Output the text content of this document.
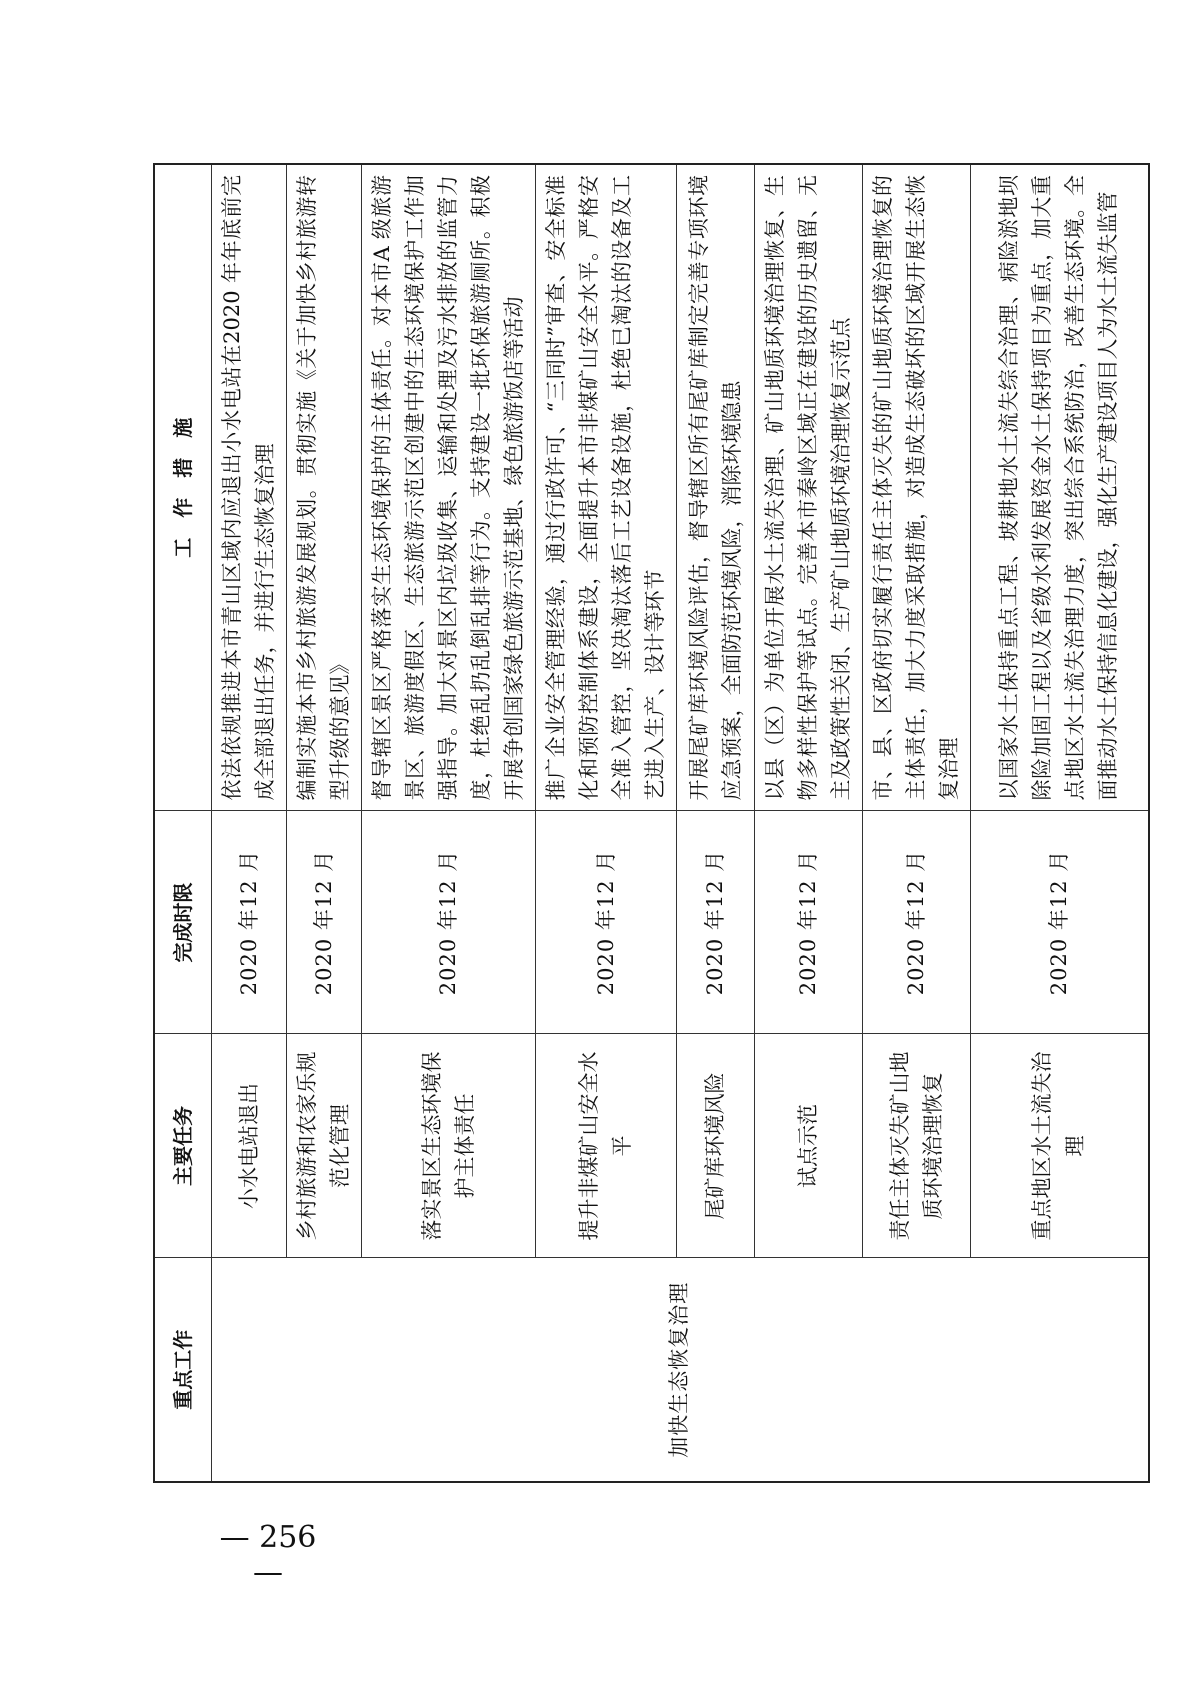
重点工作	主要任务	完成时限	工　作　措　施
加快生态恢复治理	小水电站退出	2020 年12 月	依法依规推进本市青山区域内应退出小水电站在2020 年年底前完成全部退出任务，并进行生态恢复治理
	乡村旅游和农家乐规范化管理	2020 年12 月	编制实施本市乡村旅游发展规划。贯彻实施《关于加快乡村旅游转型升级的意见》
	落实景区生态环境保护主体责任	2020 年12 月	督导辖区景区严格落实生态环境保护的主体责任。对本市A 级旅游景区、旅游度假区、生态旅游示范区创建中的生态环境保护工作加强指导。加大对景区内垃圾收集、运输和处理及污水排放的监管力度，杜绝乱扔乱倒乱排等行为。支持建设一批环保旅游厕所。积极开展争创国家绿色旅游示范基地、绿色旅游饭店等活动
	提升非煤矿山安全水平	2020 年12 月	推广企业安全管理经验，通过行政许可、“三同时”审查、安全标准化和预防控制体系建设，全面提升本市非煤矿山安全水平。严格安全准入管控，坚决淘汰落后工艺设备设施，杜绝已淘汰的设备及工艺进入生产、设计等环节
	尾矿库环境风险	2020 年12 月	开展尾矿库环境风险评估，督导辖区所有尾矿库制定完善专项环境应急预案，全面防范环境风险，消除环境隐患
	试点示范	2020 年12 月	以县（区）为单位开展水土流失治理、矿山地质环境治理恢复、生物多样性保护等试点。完善本市秦岭区域正在建设的历史遗留、无主及政策性关闭、生产矿山地质环境治理恢复示范点
	责任主体灭失矿山地质环境治理恢复	2020 年12 月	市、县、区政府切实履行责任主体灭失的矿山地质环境治理恢复的主体责任，加大力度采取措施，对造成生态破坏的区域开展生态恢复治理
	重点地区水土流失治理	2020 年12 月	以国家水土保持重点工程、坡耕地水土流失综合治理、病险淤地坝除险加固工程以及省级水利发展资金水土保持项目为重点，加大重点地区水土流失治理力度，突出综合系统防治，改善生态环境。全面推动水土保持信息化建设，强化生产建设项目人为水土流失监管
— 256 —
